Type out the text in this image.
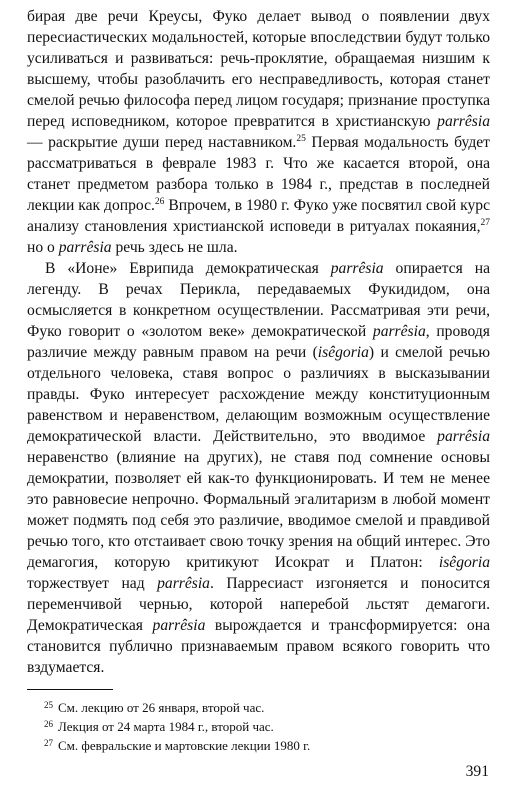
бирая две речи Креусы, Фуко делает вывод о появлении двух пересиастических модальностей, которые впоследствии будут только усиливаться и развиваться: речь-проклятие, обращаемая низшим к высшему, чтобы разоблачить его несправедливость, которая станет смелой речью философа перед лицом государя; признание проступка перед исповедником, которое превратится в христианскую parrêsia — раскрытие души перед наставником.$^{25}$ Первая модальность будет рассматриваться в феврале 1983 г. Что же касается второй, она станет предметом разбора только в 1984 г., представ в последней лекции как допрос.$^{26}$ Впрочем, в 1980 г. Фуко уже посвятил свой курс анализу становления христианской исповеди в ритуалах покаяния,$^{27}$ но о parrêsia речь здесь не шла.

В «Ионе» Еврипида демократическая parrêsia опирается на легенду. В речах Перикла, передаваемых Фукидидом, она осмысляется в конкретном осуществлении. Рассматривая эти речи, Фуко говорит о «золотом веке» демократической parrêsia, проводя различие между равным правом на речи (isêgoria) и смелой речью отдельного человека, ставя вопрос о различиях в высказывании правды. Фуко интересует расхождение между конституционным равенством и неравенством, делающим возможным осуществление демократической власти. Действительно, это вводимое parrêsia неравенство (влияние на других), не ставя под сомнение основы демократии, позволяет ей как-то функционировать. И тем не менее это равновесие непрочно. Формальный эгалитаризм в любой момент может подмять под себя это различие, вводимое смелой и правдивой речью того, кто отстаивает свою точку зрения на общий интерес. Это демагогия, которую критикуют Исократ и Платон: isêgoria торжествует над parrêsia. Парресиаст изгоняется и поносится переменчивой чернью, которой наперебой льстят демагоги. Демократическая parrêsia вырождается и трансформируется: она становится публично признаваемым правом всякого говорить что вздумается.

$^{25}$ См. лекцию от 26 января, второй час.

$^{26}$ Лекция от 24 марта 1984 г., второй час.

$^{27}$ См. февральские и мартовские лекции 1980 г.

391
